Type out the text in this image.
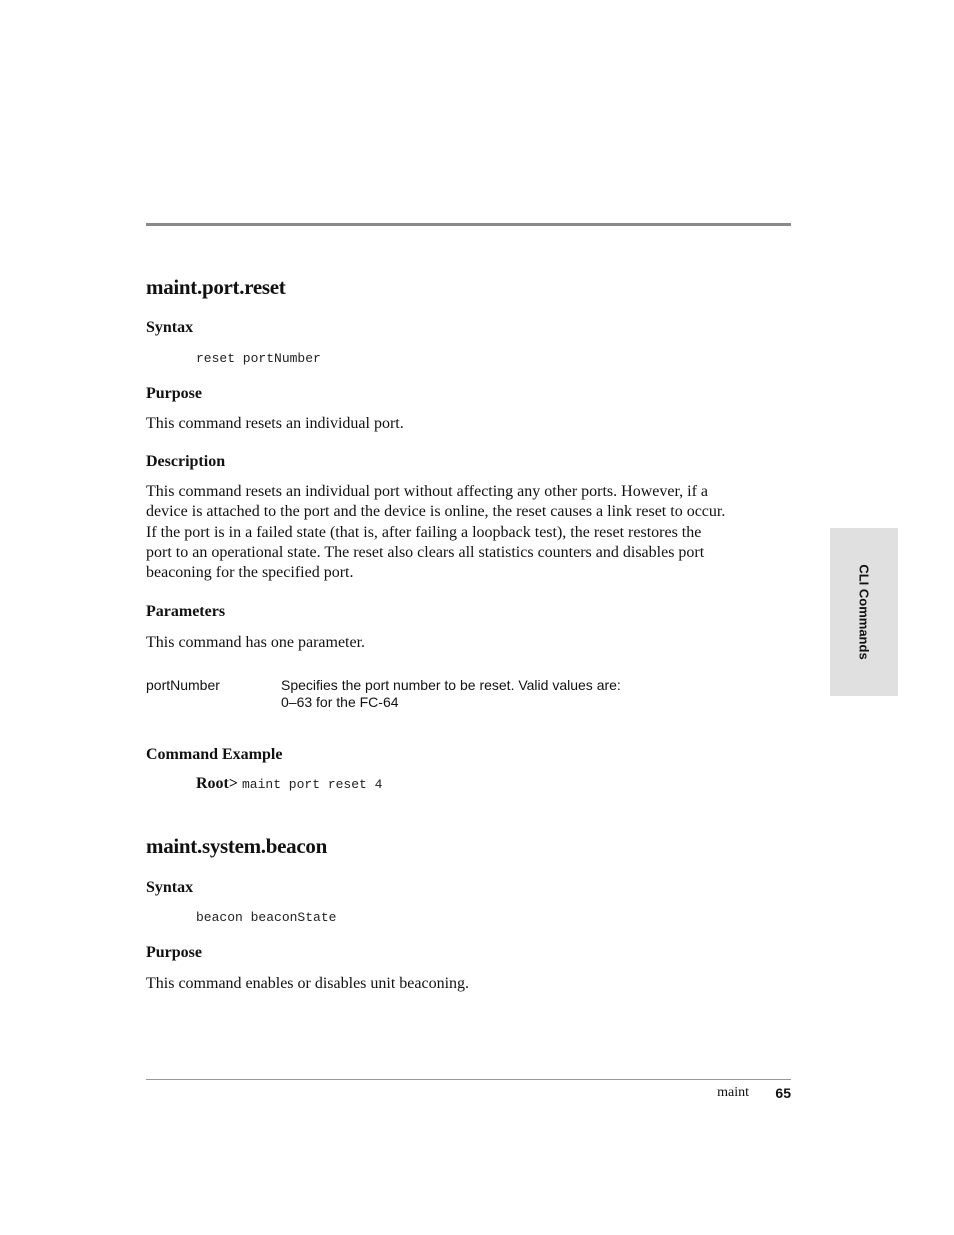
maint.port.reset
Syntax
reset portNumber
Purpose
This command resets an individual port.
Description
This command resets an individual port without affecting any other ports. However, if a
device is attached to the port and the device is online, the reset causes a link reset to occur.
If the port is in a failed state (that is, after failing a loopback test), the reset restores the
port to an operational state. The reset also clears all statistics counters and disables port
beaconing for the specified port.
Parameters
This command has one parameter.
portNumber	Specifies the port number to be reset. Valid values are:
0–63 for the FC-64
Command Example
Root> maint port reset 4
maint.system.beacon
Syntax
beacon beaconState
Purpose
This command enables or disables unit beaconing.
CLI Commands
maint 65
